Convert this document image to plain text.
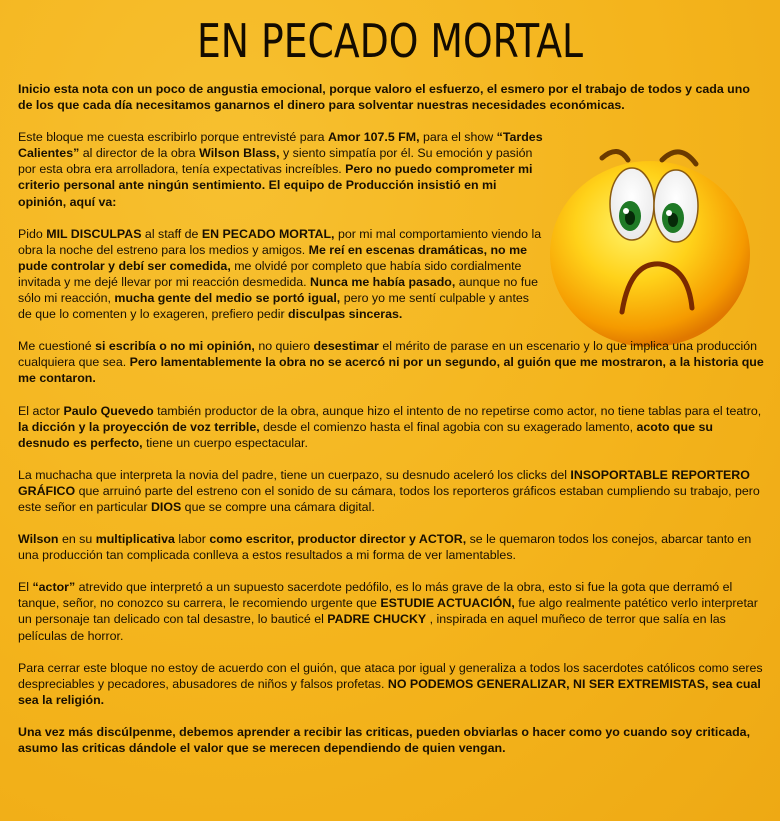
EN PECADO MORTAL

Inicio esta nota con un poco de angustia emocional, porque valoro el esfuerzo, el esmero por el trabajo de todos y cada uno de los que cada día necesitamos ganarnos el dinero para solventar nuestras necesidades económicas.

Este bloque me cuesta escribirlo porque entrevisté para Amor 107.5 FM, para el show “Tardes Calientes” al director de la obra Wilson Blass, y siento simpatía por él. Su emoción y pasión por esta obra era arrolladora, tenía expectativas increíbles. Pero no puedo comprometer mi criterio personal ante ningún sentimiento. El equipo de Producción insistió en mi opinión, aquí va:

Pido MIL DISCULPAS al staff de EN PECADO MORTAL, por mi mal comportamiento viendo la obra la noche del estreno para los medios y amigos. Me reí en escenas dramáticas, no me pude controlar y debí ser comedida, me olvidé por completo que había sido cordialmente invitada y me dejé llevar por mi reacción desmedida. Nunca me había pasado, aunque no fue sólo mi reacción, mucha gente del medio se portó igual, pero yo me sentí culpable y antes de que lo comenten y lo exageren, prefiero pedir disculpas sinceras.

Me cuestioné si escribía o no mi opinión, no quiero desestimar el mérito de parase en un escenario y lo que implica una producción cualquiera que sea. Pero lamentablemente la obra no se acercó ni por un segundo, al guión que me mostraron, a la historia que me contaron.

El actor Paulo Quevedo también productor de la obra, aunque hizo el intento de no repetirse como actor, no tiene tablas para el teatro, la dicción y la proyección de voz terrible, desde el comienzo hasta el final agobia con su exagerado lamento, acoto que su desnudo es perfecto, tiene un cuerpo espectacular.

La muchacha que interpreta la novia del padre, tiene un cuerpazo, su desnudo aceleró los clicks del INSOPORTABLE REPORTERO GRÁFICO que arruinó parte del estreno con el sonido de su cámara, todos los reporteros gráficos estaban cumpliendo su trabajo, pero este señor en particular DIOS que se compre una cámara digital.

Wilson en su multiplicativa labor como escritor, productor director y ACTOR, se le quemaron todos los conejos, abarcar tanto en una producción tan complicada conlleva a estos resultados a mi forma de ver lamentables.

El “actor” atrevido que interpretó a un supuesto sacerdote pedófilo, es lo más grave de la obra, esto si fue la gota que derramó el tanque, señor, no conozco su carrera, le recomiendo urgente que ESTUDIE ACTUACIÓN, fue algo realmente patético verlo interpretar un personaje tan delicado con tal desastre, lo bauticé el PADRE CHUCKY , inspirada en aquel muñeco de terror que salía en las películas de horror.

Para cerrar este bloque no estoy de acuerdo con el guión, que ataca por igual y generaliza a todos los sacerdotes católicos como seres despreciables y pecadores, abusadores de niños y falsos profetas. NO PODEMOS GENERALIZAR, NI SER EXTREMISTAS, sea cual sea la religión.

Una vez más discúlpenme, debemos aprender a recibir las criticas, pueden obviarlas o hacer como yo cuando soy criticada, asumo las criticas dándole el valor que se merecen dependiendo de quien vengan.
